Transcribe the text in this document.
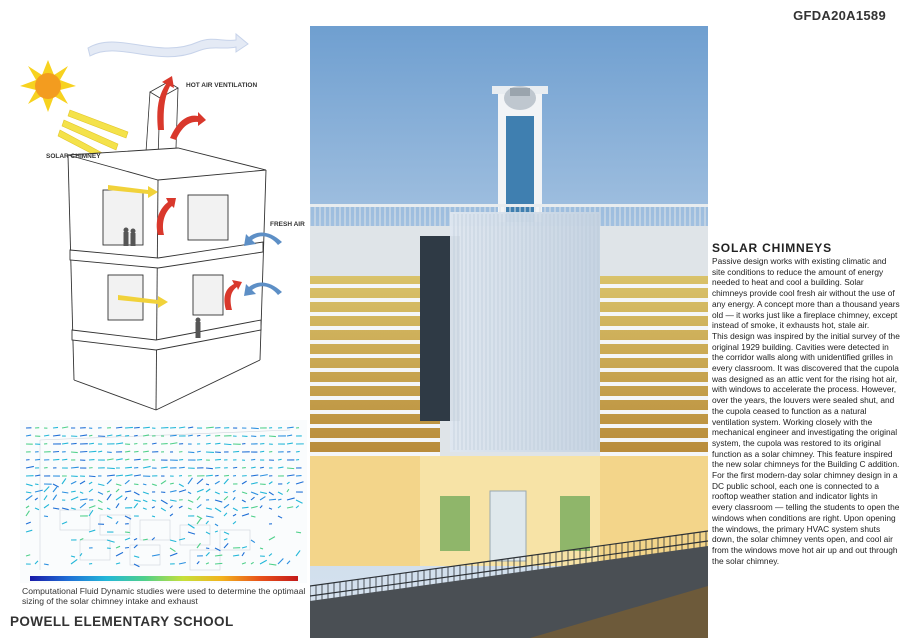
GFDA20A1589
HOT AIR VENTILATION
SOLAR CHIMNEY
FRESH AIR
Computational Fluid Dynamic studies were used to determine the optimaal sizing of the solar chimney intake and exhaust
SOLAR CHIMNEYS
Passive design works with existing climatic and site conditions to reduce the amount of energy needed to heat and cool a building. Solar chimneys provide cool fresh air without the use of any energy. A concept more than a thousand years old — it works just like a fireplace chimney, except instead of smoke, it exhausts hot, stale air.
This design was inspired by the initial survey of the original 1929 building. Cavities were detected in the corridor walls along with unidentified grilles in every classroom. It was discovered that the cupola was designed as an attic vent for the rising hot air, with windows to accelerate the process. However, over the years, the louvers were sealed shut, and the cupola ceased to function as a natural ventilation system. Working closely with the mechanical engineer and investigating the original system, the cupola was restored to its original function as a solar chimney. This feature inspired the new solar chimneys for the Building C addition.
For the first modern-day solar chimney design in a DC public school, each one is connected to a rooftop weather station and indicator lights in every classroom — telling the students to open the windows when conditions are right. Upon opening the windows, the primary HVAC system shuts down, the solar chimney vents open, and cool air from the windows move hot air up and out through the solar chimney.
POWELL ELEMENTARY SCHOOL
